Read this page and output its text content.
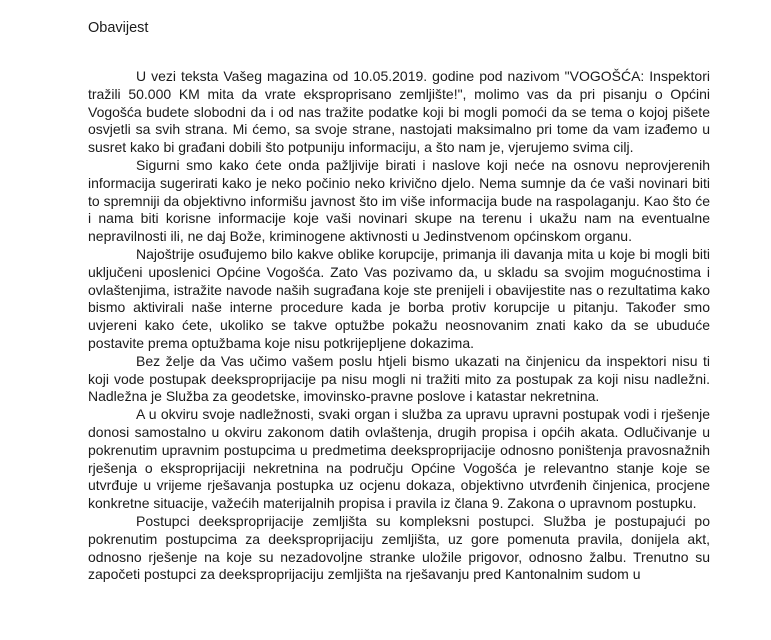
Obavijest

U vezi teksta Vašeg magazina od 10.05.2019. godine pod nazivom "VOGOŠĆA: Inspektori tražili 50.000 KM mita da vrate eksproprisano zemljište!", molimo vas da pri pisanju o Općini Vogošća budete slobodni da i od nas tražite podatke koji bi mogli pomoći da se tema o kojoj pišete osvjetli sa svih strana. Mi ćemo, sa svoje strane, nastojati maksimalno pri tome da vam izađemo u susret kako bi građani dobili što potpuniju informaciju, a što nam je, vjerujemo svima cilj.

Sigurni smo kako ćete onda pažljivije birati i naslove koji neće na osnovu neprovjerenih informacija sugerirati kako je neko počinio neko krivično djelo. Nema sumnje da će vaši novinari biti to spremniji da objektivno informišu javnost što im više informacija bude na raspolaganju. Kao što će i nama biti korisne informacije koje vaši novinari skupe na terenu i ukažu nam na eventualne nepravilnosti ili, ne daj Bože, kriminogene aktivnosti u Jedinstvenom općinskom organu.

Najoštrije osuđujemo bilo kakve oblike korupcije, primanja ili davanja mita u koje bi mogli biti uključeni uposlenici Općine Vogošća. Zato Vas pozivamo da, u skladu sa svojim mogućnostima i ovlaštenjima, istražite navode naših sugrađana koje ste prenijeli i obavijestite nas o rezultatima kako bismo aktivirali naše interne procedure kada je borba protiv korupcije u pitanju. Također smo uvjereni kako ćete, ukoliko se takve optužbe pokažu neosnovanim znati kako da se ubuduće postavite prema optužbama koje nisu potkrijepljene dokazima.

Bez želje da Vas učimo vašem poslu htjeli bismo ukazati na činjenicu da inspektori nisu ti koji vode postupak deeksproprijacije pa nisu mogli ni tražiti mito za postupak za koji nisu nadležni. Nadležna je Služba za geodetske, imovinsko-pravne poslove i katastar nekretnina.

A u okviru svoje nadležnosti, svaki organ i služba za upravu upravni postupak vodi i rješenje donosi samostalno u okviru zakonom datih ovlaštenja, drugih propisa i općih akata. Odlučivanje u pokrenutim upravnim postupcima u predmetima deeksproprijacije odnosno poništenja pravosnažnih rješenja o eksproprijaciji nekretnina na području Općine Vogošća je relevantno stanje koje se utvrđuje u vrijeme rješavanja postupka uz ocjenu dokaza, objektivno utvrđenih činjenica, procjene konkretne situacije, važećih materijalnih propisa i pravila iz člana 9. Zakona o upravnom postupku.

Postupci deeksproprijacije zemljišta su kompleksni postupci. Služba je postupajući po pokrenutim postupcima za deeksproprijaciju zemljišta, uz gore pomenuta pravila, donijela akt, odnosno rješenje na koje su nezadovoljne stranke uložile prigovor, odnosno žalbu. Trenutno su započeti postupci za deeksproprijaciju zemljišta na rješavanju pred Kantonalnim sudom u
